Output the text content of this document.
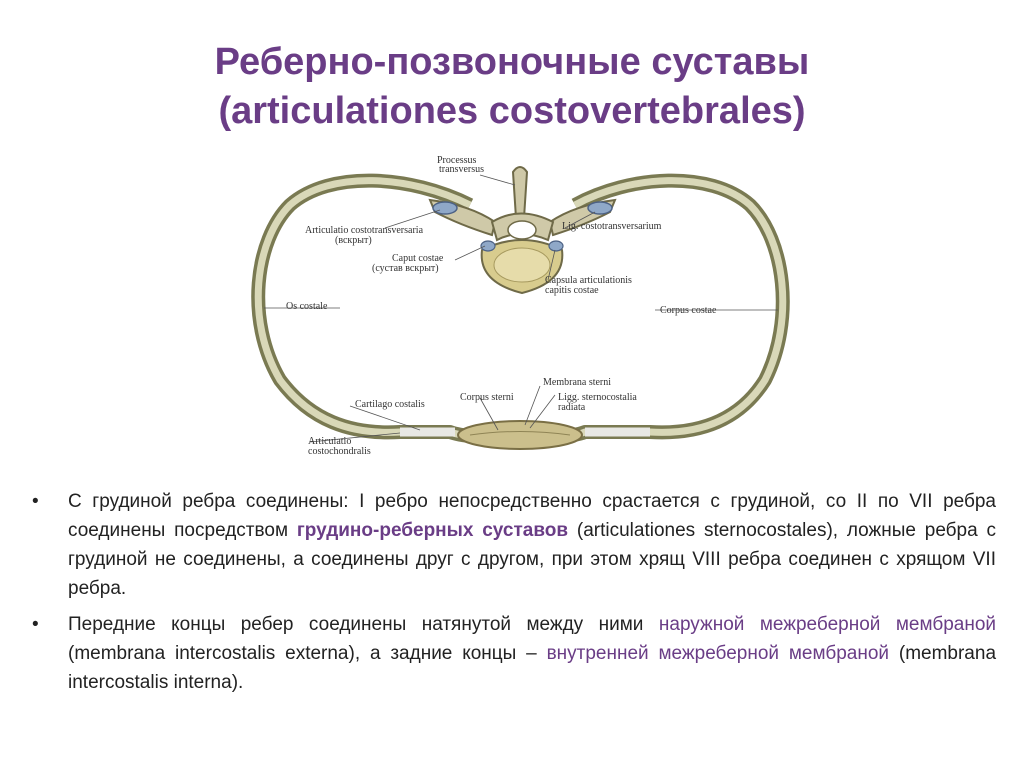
Реберно-позвоночные суставы
(articulationes costovertebrales)
Processus
transversus
Articulatio costotransversaria
(вскрыт)
Lig. costotransversarium
Caput costae
(сустав вскрыт)
Capsula articulationis
capitis costae
Os costale	Corpus costae
Membrana sterni
Corpus sterni	Ligg. sternocostalia
radiata
Cartilago costalis
Articulatio
costochondralis
• С грудиной ребра соединены: I ребро непосредственно срастается с грудиной, со II по VII ребра соединены посредством грудино-реберных суставов (articulationes sternocostales), ложные ребра с грудиной не соединены, а соединены друг с другом, при этом хрящ VIII ребра соединен с хрящом VII ребра.
• Передние концы ребер соединены натянутой между ними наружной межреберной мембраной (membrana intercostalis externa), а задние концы – внутренней межреберной мембраной (membrana intercostalis interna).
